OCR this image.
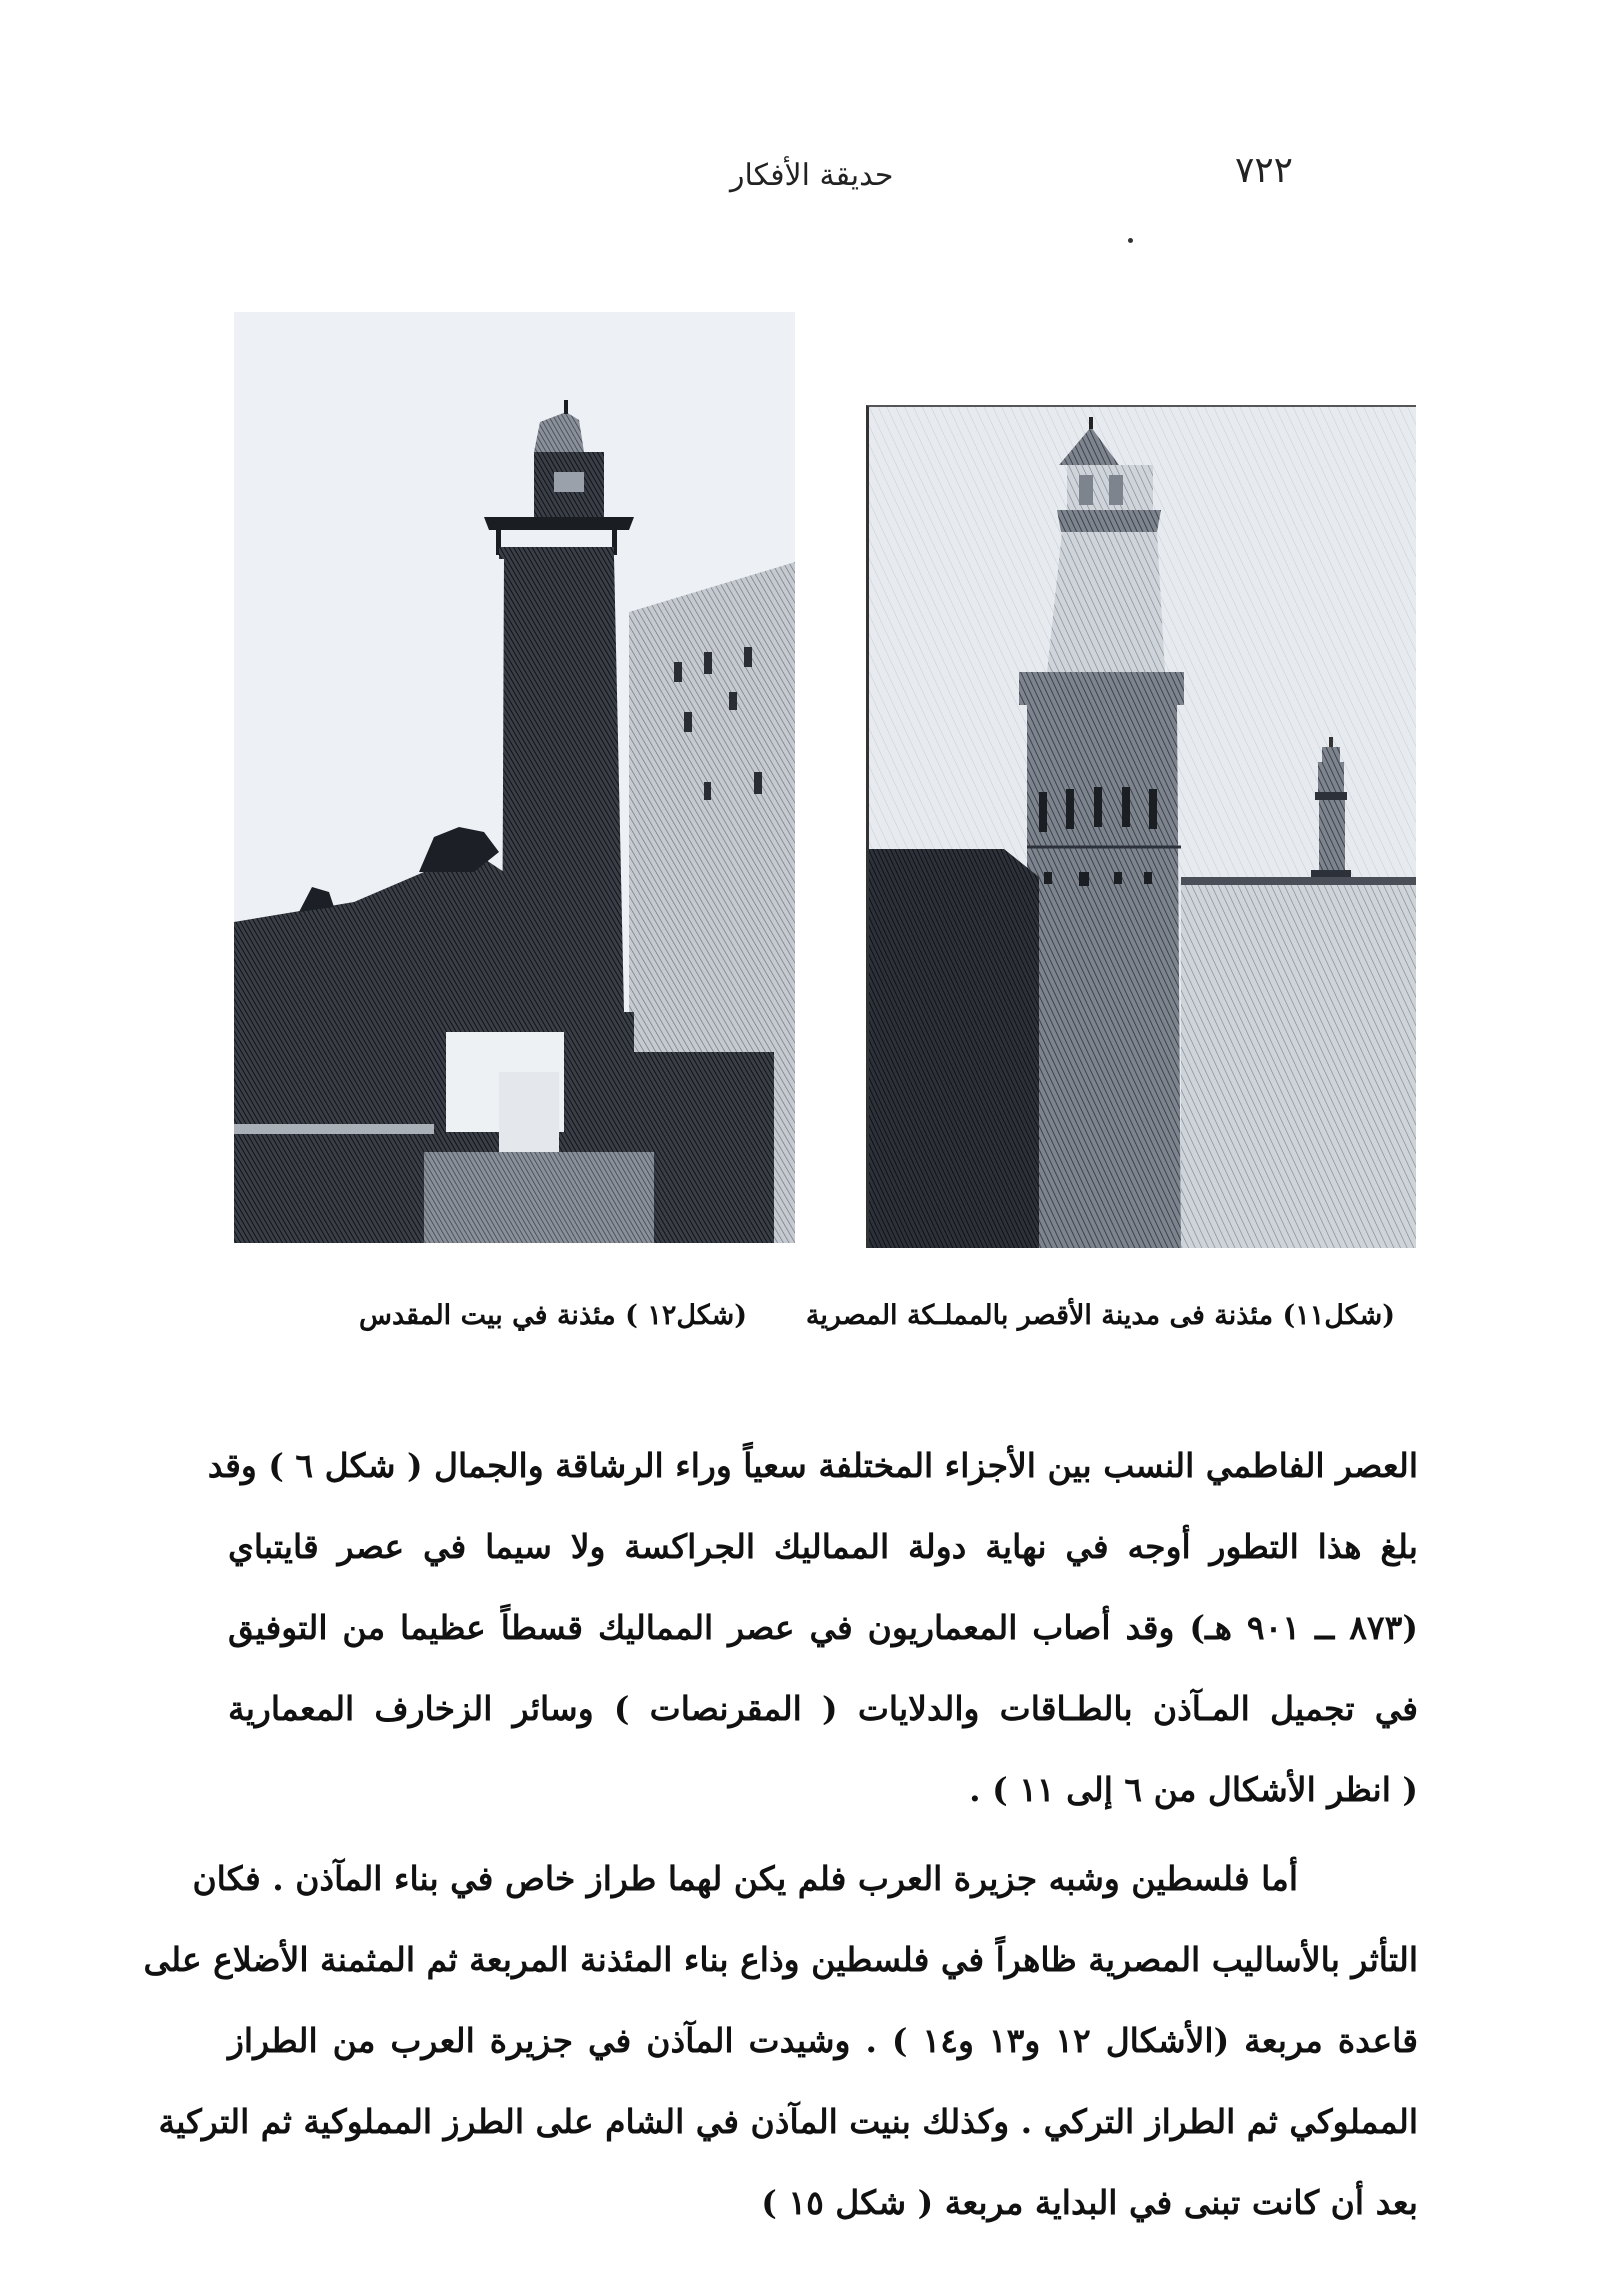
حديقة الأفكار	٧٢٢
(شكل١١) مئذنة فى مدينة الأقصر بالمملـكة المصرية  (شكل١٢ ) مئذنة في بيت المقدس

العصر الفاطمي النسب بين الأجزاء المختلفة سعياً وراء الرشاقة والجمال ( شكل ٦ ) وقد
بلغ هذا التطور أوجه في نهاية دولة المماليك الجراكسة ولا سيما في عصر قايتباي
(٨٧٣ ــ ٩٠١ هـ) وقد أصاب المعماريون في عصر المماليك قسطاً عظيما من التوفيق
في تجميل المـآذن بالطـاقات والدلايات ( المقرنصات ) وسائر الزخارف المعمارية
( انظر الأشكال من ٦ إلى ١١ ) .

أما فلسطين وشبه جزيرة العرب فلم يكن لهما طراز خاص في بناء المآذن . فكان
التأثر بالأساليب المصرية ظاهراً في فلسطين وذاع بناء المئذنة المربعة ثم المثمنة الأضلاع على
قاعدة مربعة (الأشكال ١٢ و١٣ و١٤ ) . وشيدت المآذن في جزيرة العرب من الطراز
المملوكي ثم الطراز التركي . وكذلك بنيت المآذن في الشام على الطرز المملوكية ثم التركية
بعد أن كانت تبنى في البداية مربعة ( شكل ١٥ )
